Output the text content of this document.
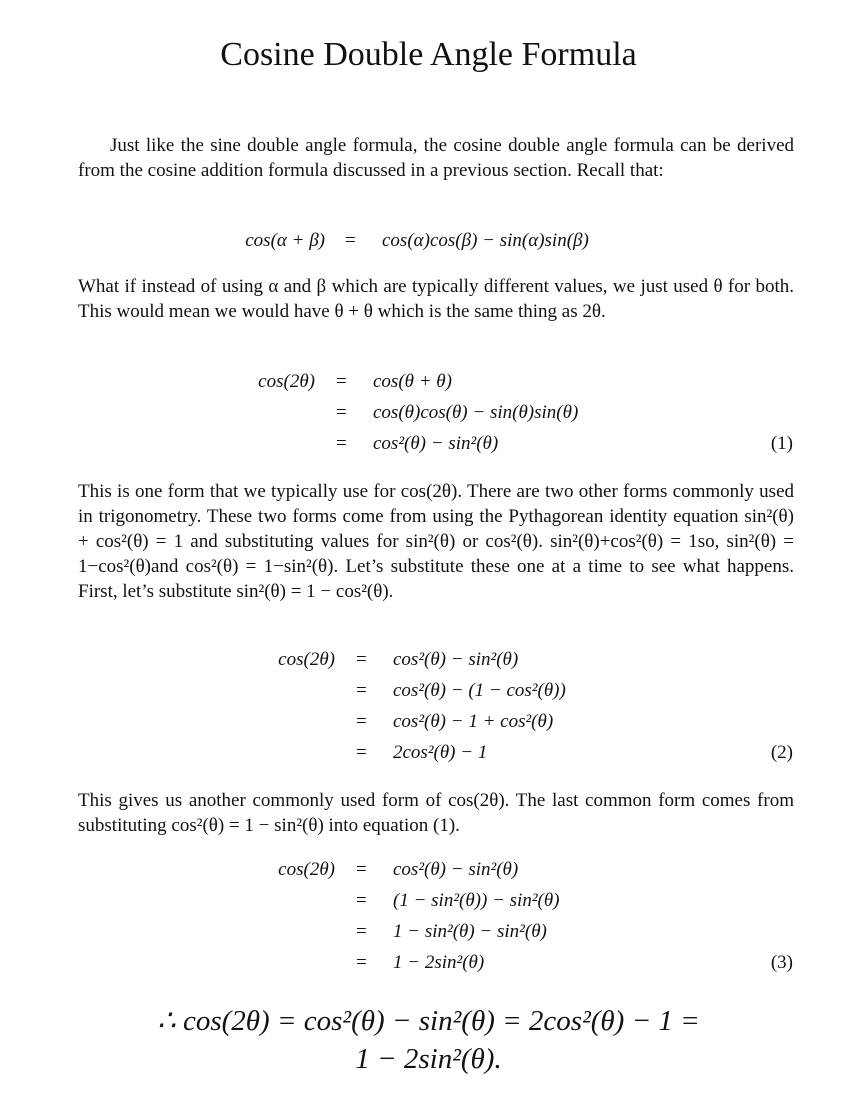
Cosine Double Angle Formula

Just like the sine double angle formula, the cosine double angle formula can be derived from the cosine addition formula discussed in a previous section. Recall that:

cos(α + β) = cos(α)cos(β) − sin(α)sin(β)

What if instead of using α and β which are typically different values, we just used θ for both. This would mean we would have θ + θ which is the same thing as 2θ.

cos(2θ) = cos(θ + θ)
= cos(θ)cos(θ) − sin(θ)sin(θ)
= cos²(θ) − sin²(θ)	(1)

This is one form that we typically use for cos(2θ). There are two other forms commonly used in trigonometry. These two forms come from using the Pythagorean identity equation sin²(θ) + cos²(θ) = 1 and substituting values for sin²(θ) or cos²(θ). sin²(θ)+cos²(θ) = 1so, sin²(θ) = 1−cos²(θ)and cos²(θ) = 1−sin²(θ). Let’s substitute these one at a time to see what happens. First, let’s substitute sin²(θ) = 1 − cos²(θ).

cos(2θ) = cos²(θ) − sin²(θ)
= cos²(θ) − (1 − cos²(θ))
= cos²(θ) − 1 + cos²(θ)
= 2cos²(θ) − 1	(2)

This gives us another commonly used form of cos(2θ). The last common form comes from substituting cos²(θ) = 1 − sin²(θ) into equation (1).

cos(2θ) = cos²(θ) − sin²(θ)
= (1 − sin²(θ)) − sin²(θ)
= 1 − sin²(θ) − sin²(θ)
= 1 − 2sin²(θ)	(3)
∴ cos(2θ) = cos²(θ) − sin²(θ) = 2cos²(θ) − 1 =
1 − 2sin²(θ).
